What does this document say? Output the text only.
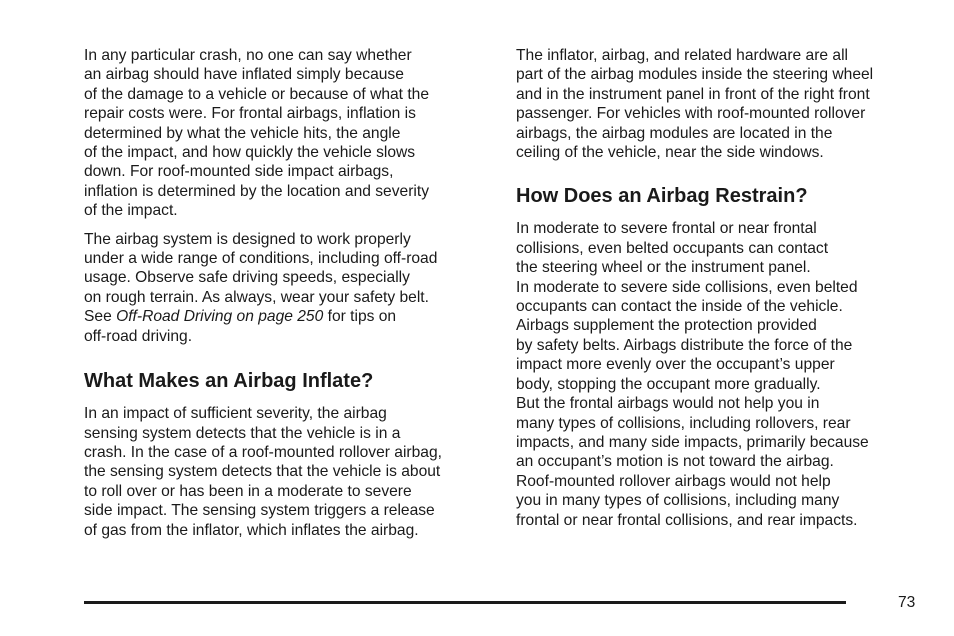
In any particular crash, no one can say whether
an airbag should have inflated simply because
of the damage to a vehicle or because of what the
repair costs were. For frontal airbags, inflation is
determined by what the vehicle hits, the angle
of the impact, and how quickly the vehicle slows
down. For roof-mounted side impact airbags,
inflation is determined by the location and severity
of the impact.
The airbag system is designed to work properly
under a wide range of conditions, including off-road
usage. Observe safe driving speeds, especially
on rough terrain. As always, wear your safety belt.
See Off-Road Driving on page 250 for tips on
off-road driving.
What Makes an Airbag Inflate?
In an impact of sufficient severity, the airbag
sensing system detects that the vehicle is in a
crash. In the case of a roof-mounted rollover airbag,
the sensing system detects that the vehicle is about
to roll over or has been in a moderate to severe
side impact. The sensing system triggers a release
of gas from the inflator, which inflates the airbag.
The inflator, airbag, and related hardware are all
part of the airbag modules inside the steering wheel
and in the instrument panel in front of the right front
passenger. For vehicles with roof-mounted rollover
airbags, the airbag modules are located in the
ceiling of the vehicle, near the side windows.
How Does an Airbag Restrain?
In moderate to severe frontal or near frontal
collisions, even belted occupants can contact
the steering wheel or the instrument panel.
In moderate to severe side collisions, even belted
occupants can contact the inside of the vehicle.
Airbags supplement the protection provided
by safety belts. Airbags distribute the force of the
impact more evenly over the occupant’s upper
body, stopping the occupant more gradually.
But the frontal airbags would not help you in
many types of collisions, including rollovers, rear
impacts, and many side impacts, primarily because
an occupant’s motion is not toward the airbag.
Roof-mounted rollover airbags would not help
you in many types of collisions, including many
frontal or near frontal collisions, and rear impacts.
73
